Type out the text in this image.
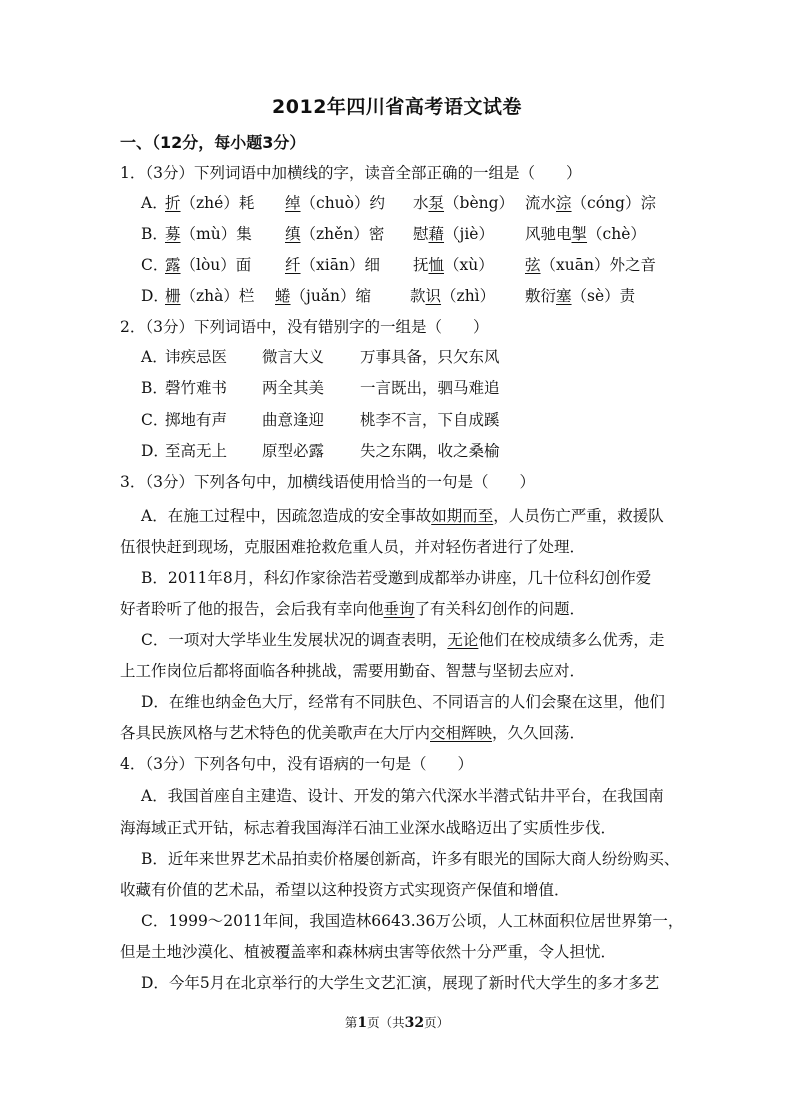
2012年四川省高考语文试卷
一、（12分，每小题3分）
1．（3分）下列词语中加横线的字，读音全部正确的一组是（　　）
A．
折（zhé）耗 绰（chuò）约 水泵（bèng） 流水淙（cóng）淙
B．
募（mù）集 缜（zhěn）密 慰藉（jiè） 风驰电掣（chè）
C．
露（lòu）面 纤（xiān）细 抚恤（xù） 弦（xuān）外之音
D．
栅（zhà）栏 蜷（juǎn）缩	款识（zhì） 敷衍塞（sè）责
2．（3分）下列词语中，没有错别字的一组是（　　）
A．
讳疾忌医 微言大义 万事具备，只欠东风
B．
磬竹难书 两全其美 一言既出，驷马难追
C．
掷地有声 曲意逢迎 桃李不言，下自成蹊
D．
至高无上 原型必露 失之东隅，收之桑榆
3．（3分）下列各句中，加横线语使用恰当的一句是（　　）
A．在施工过程中，因疏忽造成的安全事故如期而至，人员伤亡严重，救援队
伍很快赶到现场，克服困难抢救危重人员，并对轻伤者进行了处理．
B．2011年8月，科幻作家徐浩若受邀到成都举办讲座，几十位科幻创作爱
好者聆听了他的报告，会后我有幸向他垂询了有关科幻创作的问题．
C．一项对大学毕业生发展状况的调查表明，无论他们在校成绩多么优秀，走
上工作岗位后都将面临各种挑战，需要用勤奋、智慧与坚韧去应对．
D．在维也纳金色大厅，经常有不同肤色、不同语言的人们会聚在这里，他们
各具民族风格与艺术特色的优美歌声在大厅内交相辉映，久久回荡．
4．（3分）下列各句中，没有语病的一句是（　　）
A．我国首座自主建造、设计、开发的第六代深水半潜式钻井平台，在我国南
海海域正式开钻，标志着我国海洋石油工业深水战略迈出了实质性步伐．
B．近年来世界艺术品拍卖价格屡创新高，许多有眼光的国际大商人纷纷购买、
收藏有价值的艺术品，希望以这种投资方式实现资产保值和增值．
C．1999～2011年间，我国造林6643.36万公顷，人工林面积位居世界第一，
但是土地沙漠化、植被覆盖率和森林病虫害等依然十分严重，令人担忧．
D．今年5月在北京举行的大学生文艺汇演，展现了新时代大学生的多才多艺
第1页（共32页）
